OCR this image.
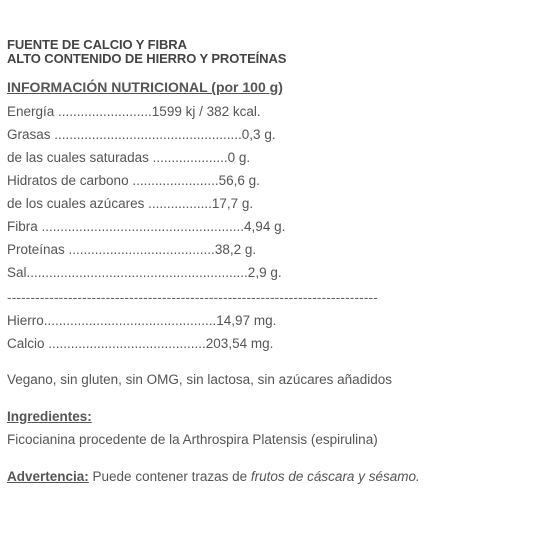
FUENTE DE CALCIO Y FIBRA
ALTO CONTENIDO DE HIERRO Y PROTEÍNAS
INFORMACIÓN NUTRICIONAL (por 100 g)
Energía .........................1599 kj / 382 kcal.
Grasas ..................................................0,3 g.
de las cuales saturadas ....................0 g.
Hidratos de carbono .......................56,6 g.
de los cuales azúcares .................17,7 g.
Fibra ......................................................4,94 g.
Proteínas .......................................38,2 g.
Sal...........................................................2,9 g.
-------------------------------------------------------------------------------
Hierro..............................................14,97 mg.
Calcio ..........................................203,54 mg.
Vegano, sin gluten, sin OMG, sin lactosa, sin azúcares añadidos
Ingredientes:
Ficocianina procedente de la Arthrospira Platensis (espirulina)
Advertencia: Puede contener trazas de frutos de cáscara y sésamo.
